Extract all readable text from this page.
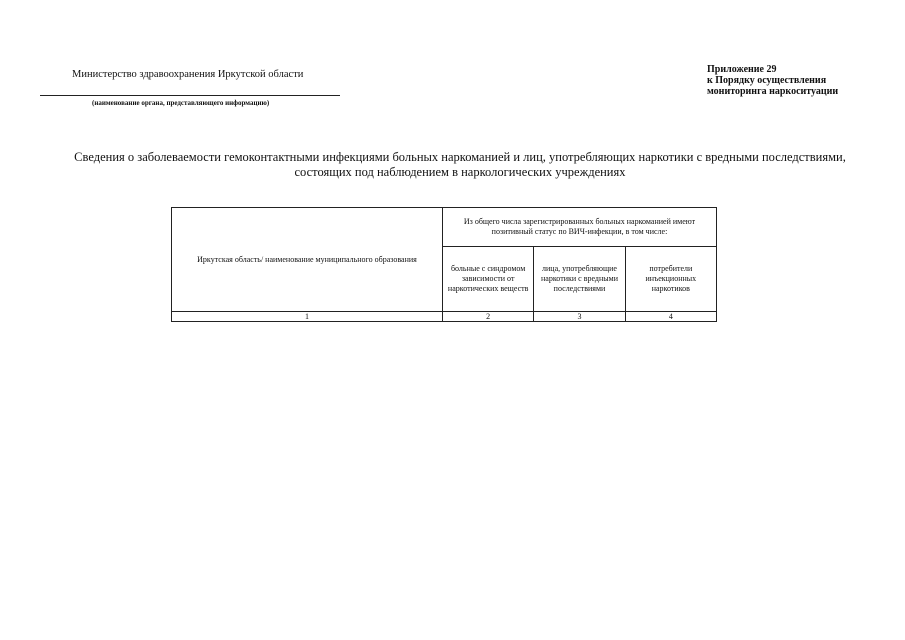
Министерство здравоохранения Иркутской области
(наименование органа, представляющего информацию)
Приложение 29
к Порядку осуществления
мониторинга наркоситуации
Сведения о заболеваемости гемоконтактными инфекциями больных наркоманией и лиц, употребляющих наркотики с вредными последствиями,
состоящих под наблюдением в наркологических учреждениях
Иркутская область/ наименование муниципального образования	Из общего числа зарегистрированных больных наркоманией имеют позитивный статус по ВИЧ-инфекции, в том числе:		
	больные с синдромом зависимости от наркотических веществ	лица, употребляющие наркотики с вредными последствиями	потребители инъекционных наркотиков
1	2	3	4
